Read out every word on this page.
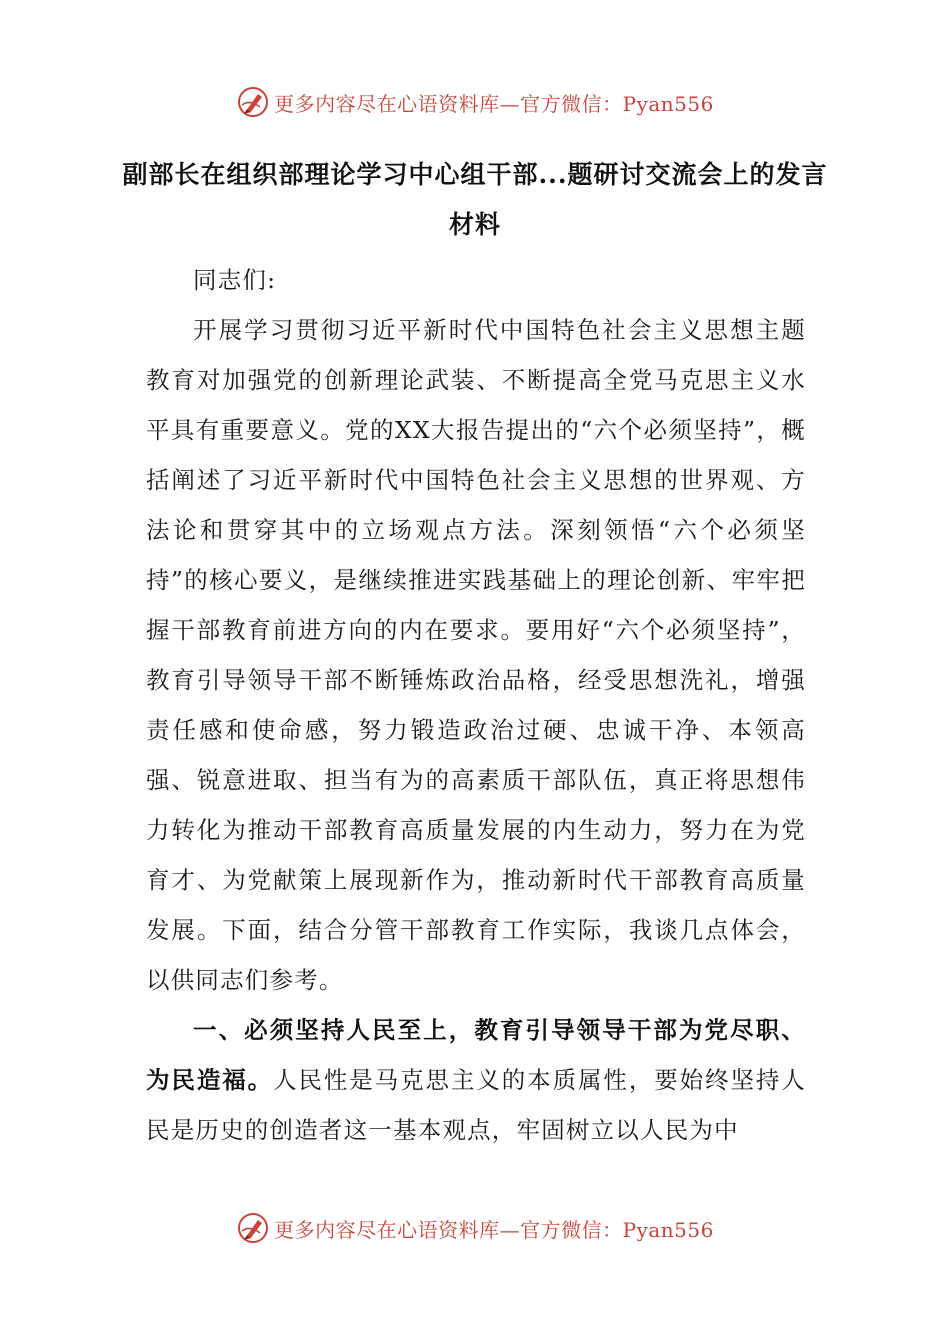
更多内容尽在心语资料库—官方微信：Pyan556
副部长在组织部理论学习中心组干部...题研讨交流会上的发言材料

同志们:

开展学习贯彻习近平新时代中国特色社会主义思想主题教育对加强党的创新理论武装、不断提高全党马克思主义水平具有重要意义。党的XX大报告提出的“六个必须坚持”，概括阐述了习近平新时代中国特色社会主义思想的世界观、方法论和贯穿其中的立场观点方法。深刻领悟“六个必须坚持”的核心要义，是继续推进实践基础上的理论创新、牢牢把握干部教育前进方向的内在要求。要用好“六个必须坚持”，教育引导领导干部不断锤炼政治品格，经受思想洗礼，增强责任感和使命感，努力锻造政治过硬、忠诚干净、本领高强、锐意进取、担当有为的高素质干部队伍，真正将思想伟力转化为推动干部教育高质量发展的内生动力，努力在为党育才、为党献策上展现新作为，推动新时代干部教育高质量发展。下面，结合分管干部教育工作实际，我谈几点体会，以供同志们参考。

一、必须坚持人民至上，教育引导领导干部为党尽职、为民造福。人民性是马克思主义的本质属性，要始终坚持人民是历史的创造者这一基本观点，牢固树立以人民为中

更多内容尽在心语资料库—官方微信：Pyan556
